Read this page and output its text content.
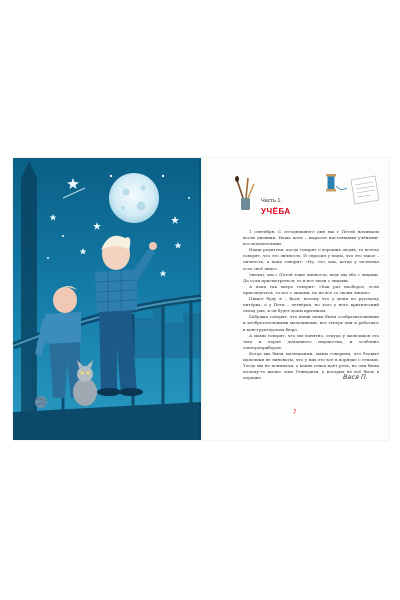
Часть 1.
УЧЁБА

1 сентября. С сегодняшнего дня мы с Петей начинаем вести дневник. Наша цель – вырасти настоящими учёными-исследователями.

Наши родители, когда говорят о хороших людях, то всегда говорят, что это личность. И спросил у папы, что это такое – личность, а папа говорит: «Ну, это, как, когда у человека есть своё лицо».

Значит, мы с Петей тоже личность, ведь мы оба с лицами. Да если присмотреться, то и все люди с лицами.

А папа так хитро говорит: «Как раз наоборот, если приглядеться, то все с лицами, но не все со своим лицом».

Пишет буду я – Вася, потому что у меня по русскому пятёрка, а у Пети – четвёрка, но зато у него критический склад ума, и он будет моим критиком.

Бабушка говорит, что наши папы были сообразительными и изобретательными мальчиками, вот теперь они и работают в конструкторском бюро.

А мамы говорят, что им понятно, откуда у мальчиков эта тяга к порче домашнего имущества, и особенно электроприборов.

Когда мы были маленькими, мамы говорили, что бедные мальчики не виноваты, что у них это всё в порядке с генами. Тогда мы не понимали, о каких генах идёт речь, но они были почему-то жалко этих Геннадиев, у которых не всё было в порядке.	Вася П.
7
